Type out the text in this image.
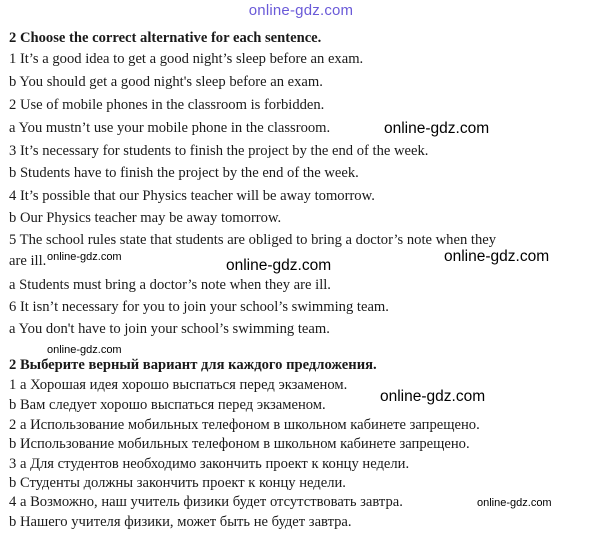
online-gdz.com
2 Choose the correct alternative for each sentence.
1 It’s a good idea to get a good night’s sleep before an exam.
b You should get a good night's sleep before an exam.
2 Use of mobile phones in the classroom is forbidden.
a You mustn’t use your mobile phone in the classroom.
3 It’s necessary for students to finish the project by the end of the week.
b Students have to finish the project by the end of the week.
4 It’s possible that our Physics teacher will be away tomorrow.
b Our Physics teacher may be away tomorrow.
5 The school rules state that students are obliged to bring a doctor’s note when they
are ill.
a Students must bring a doctor’s note when they are ill.
6 It isn’t necessary for you to join your school’s swimming team.
a You don't have to join your school’s swimming team.
2 Выберите верный вариант для каждого предложения.
1 а Хорошая идея хорошо выспаться перед экзаменом.
b Вам следует хорошо выспаться перед экзаменом.
2 а Использование мобильных телефоном в школьном кабинете запрещено.
b Использование мобильных телефоном в школьном кабинете запрещено.
3 а Для студентов необходимо закончить проект к концу недели.
b Студенты должны закончить проект к концу недели.
4 а Возможно, наш учитель физики будет отсутствовать завтра.
b Нашего учителя физики, может быть не будет завтра.
online-gdz.com
online-gdz.com	online-gdz.com
online-gdz.com
online-gdz.com
online-gdz.com
online-gdz.com
